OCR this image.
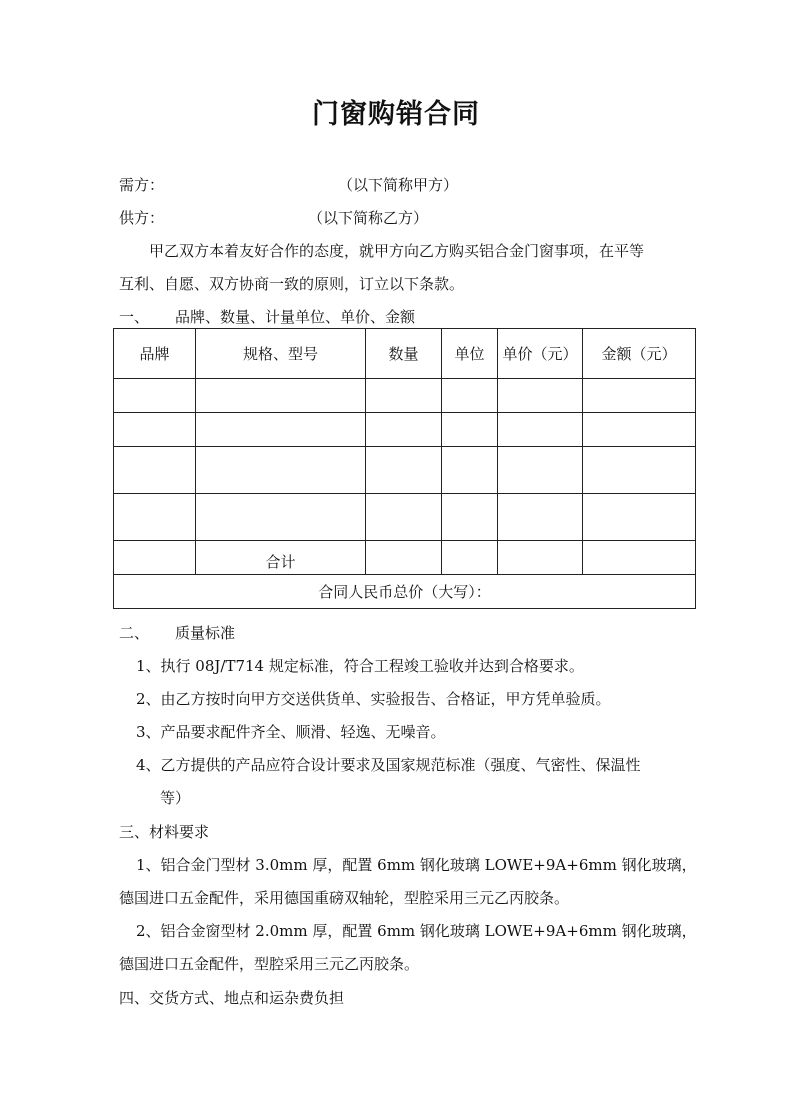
门窗购销合同
需方：	（以下简称甲方）
供方：	（以下简称乙方）
甲乙双方本着友好合作的态度，就甲方向乙方购买铝合金门窗事项，在平等
互利、自愿、双方协商一致的原则，订立以下条款。
一、 品牌、数量、计量单位、单价、金额
品牌	规格、型号	数量	单位	单价（元）	金额（元）

	合计				
合同人民币总价（大写）：					
二、 质量标准
1、执行 08J/T714 规定标准，符合工程竣工验收并达到合格要求。
2、由乙方按时向甲方交送供货单、实验报告、合格证，甲方凭单验质。
3、产品要求配件齐全、顺滑、轻逸、无噪音。
4、乙方提供的产品应符合设计要求及国家规范标准（强度、气密性、保温性
等）
三、材料要求
1、铝合金门型材 3.0mm 厚，配置 6mm 钢化玻璃 LOWE+9A+6mm 钢化玻璃，
德国进口五金配件，采用德国重磅双轴轮，型腔采用三元乙丙胶条。
2、铝合金窗型材 2.0mm 厚，配置 6mm 钢化玻璃 LOWE+9A+6mm 钢化玻璃，
德国进口五金配件，型腔采用三元乙丙胶条。
四、交货方式、地点和运杂费负担
